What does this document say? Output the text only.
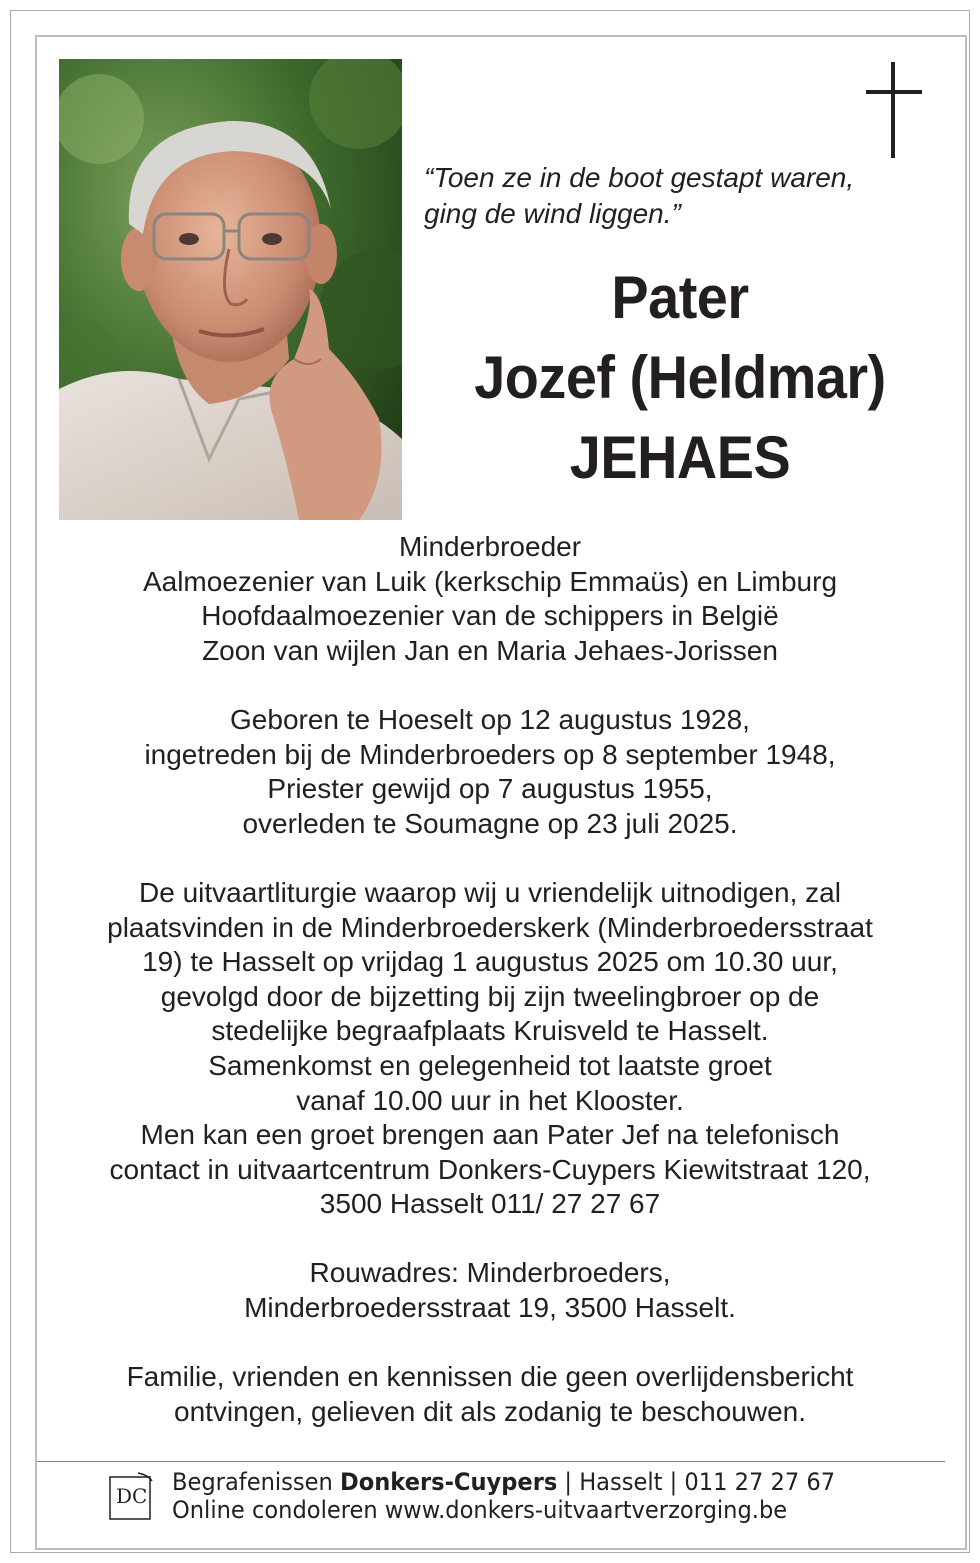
“Toen ze in de boot gestapt waren,
ging de wind liggen.”
Pater
Jozef (Heldmar)
JEHAES

Minderbroeder

Aalmoezenier van Luik (kerkschip Emmaüs) en Limburg

Hoofdaalmoezenier van de schippers in België

Zoon van wijlen Jan en Maria Jehaes-Jorissen

Geboren te Hoeselt op 12 augustus 1928,

ingetreden bij de Minderbroeders op 8 september 1948,

Priester gewijd op 7 augustus 1955,

overleden te Soumagne op 23 juli 2025.

De uitvaartliturgie waarop wij u vriendelijk uitnodigen, zal

plaatsvinden in de Minderbroederskerk (Minderbroedersstraat

19) te Hasselt op vrijdag 1 augustus 2025 om 10.30 uur,

gevolgd door de bijzetting bij zijn tweelingbroer op de

stedelijke begraafplaats Kruisveld te Hasselt.

Samenkomst en gelegenheid tot laatste groet

vanaf 10.00 uur in het Klooster.

Men kan een groet brengen aan Pater Jef na telefonisch

contact in uitvaartcentrum Donkers-Cuypers Kiewitstraat 120,

3500 Hasselt 011/ 27 27 67

Rouwadres: Minderbroeders,

Minderbroedersstraat 19, 3500 Hasselt.

Familie, vrienden en kennissen die geen overlijdensbericht

ontvingen, gelieven dit als zodanig te beschouwen.

DC Begrafenissen Donkers-Cuypers | Hasselt | 011 27 27 67
Online condoleren www.donkers-uitvaartverzorging.be
